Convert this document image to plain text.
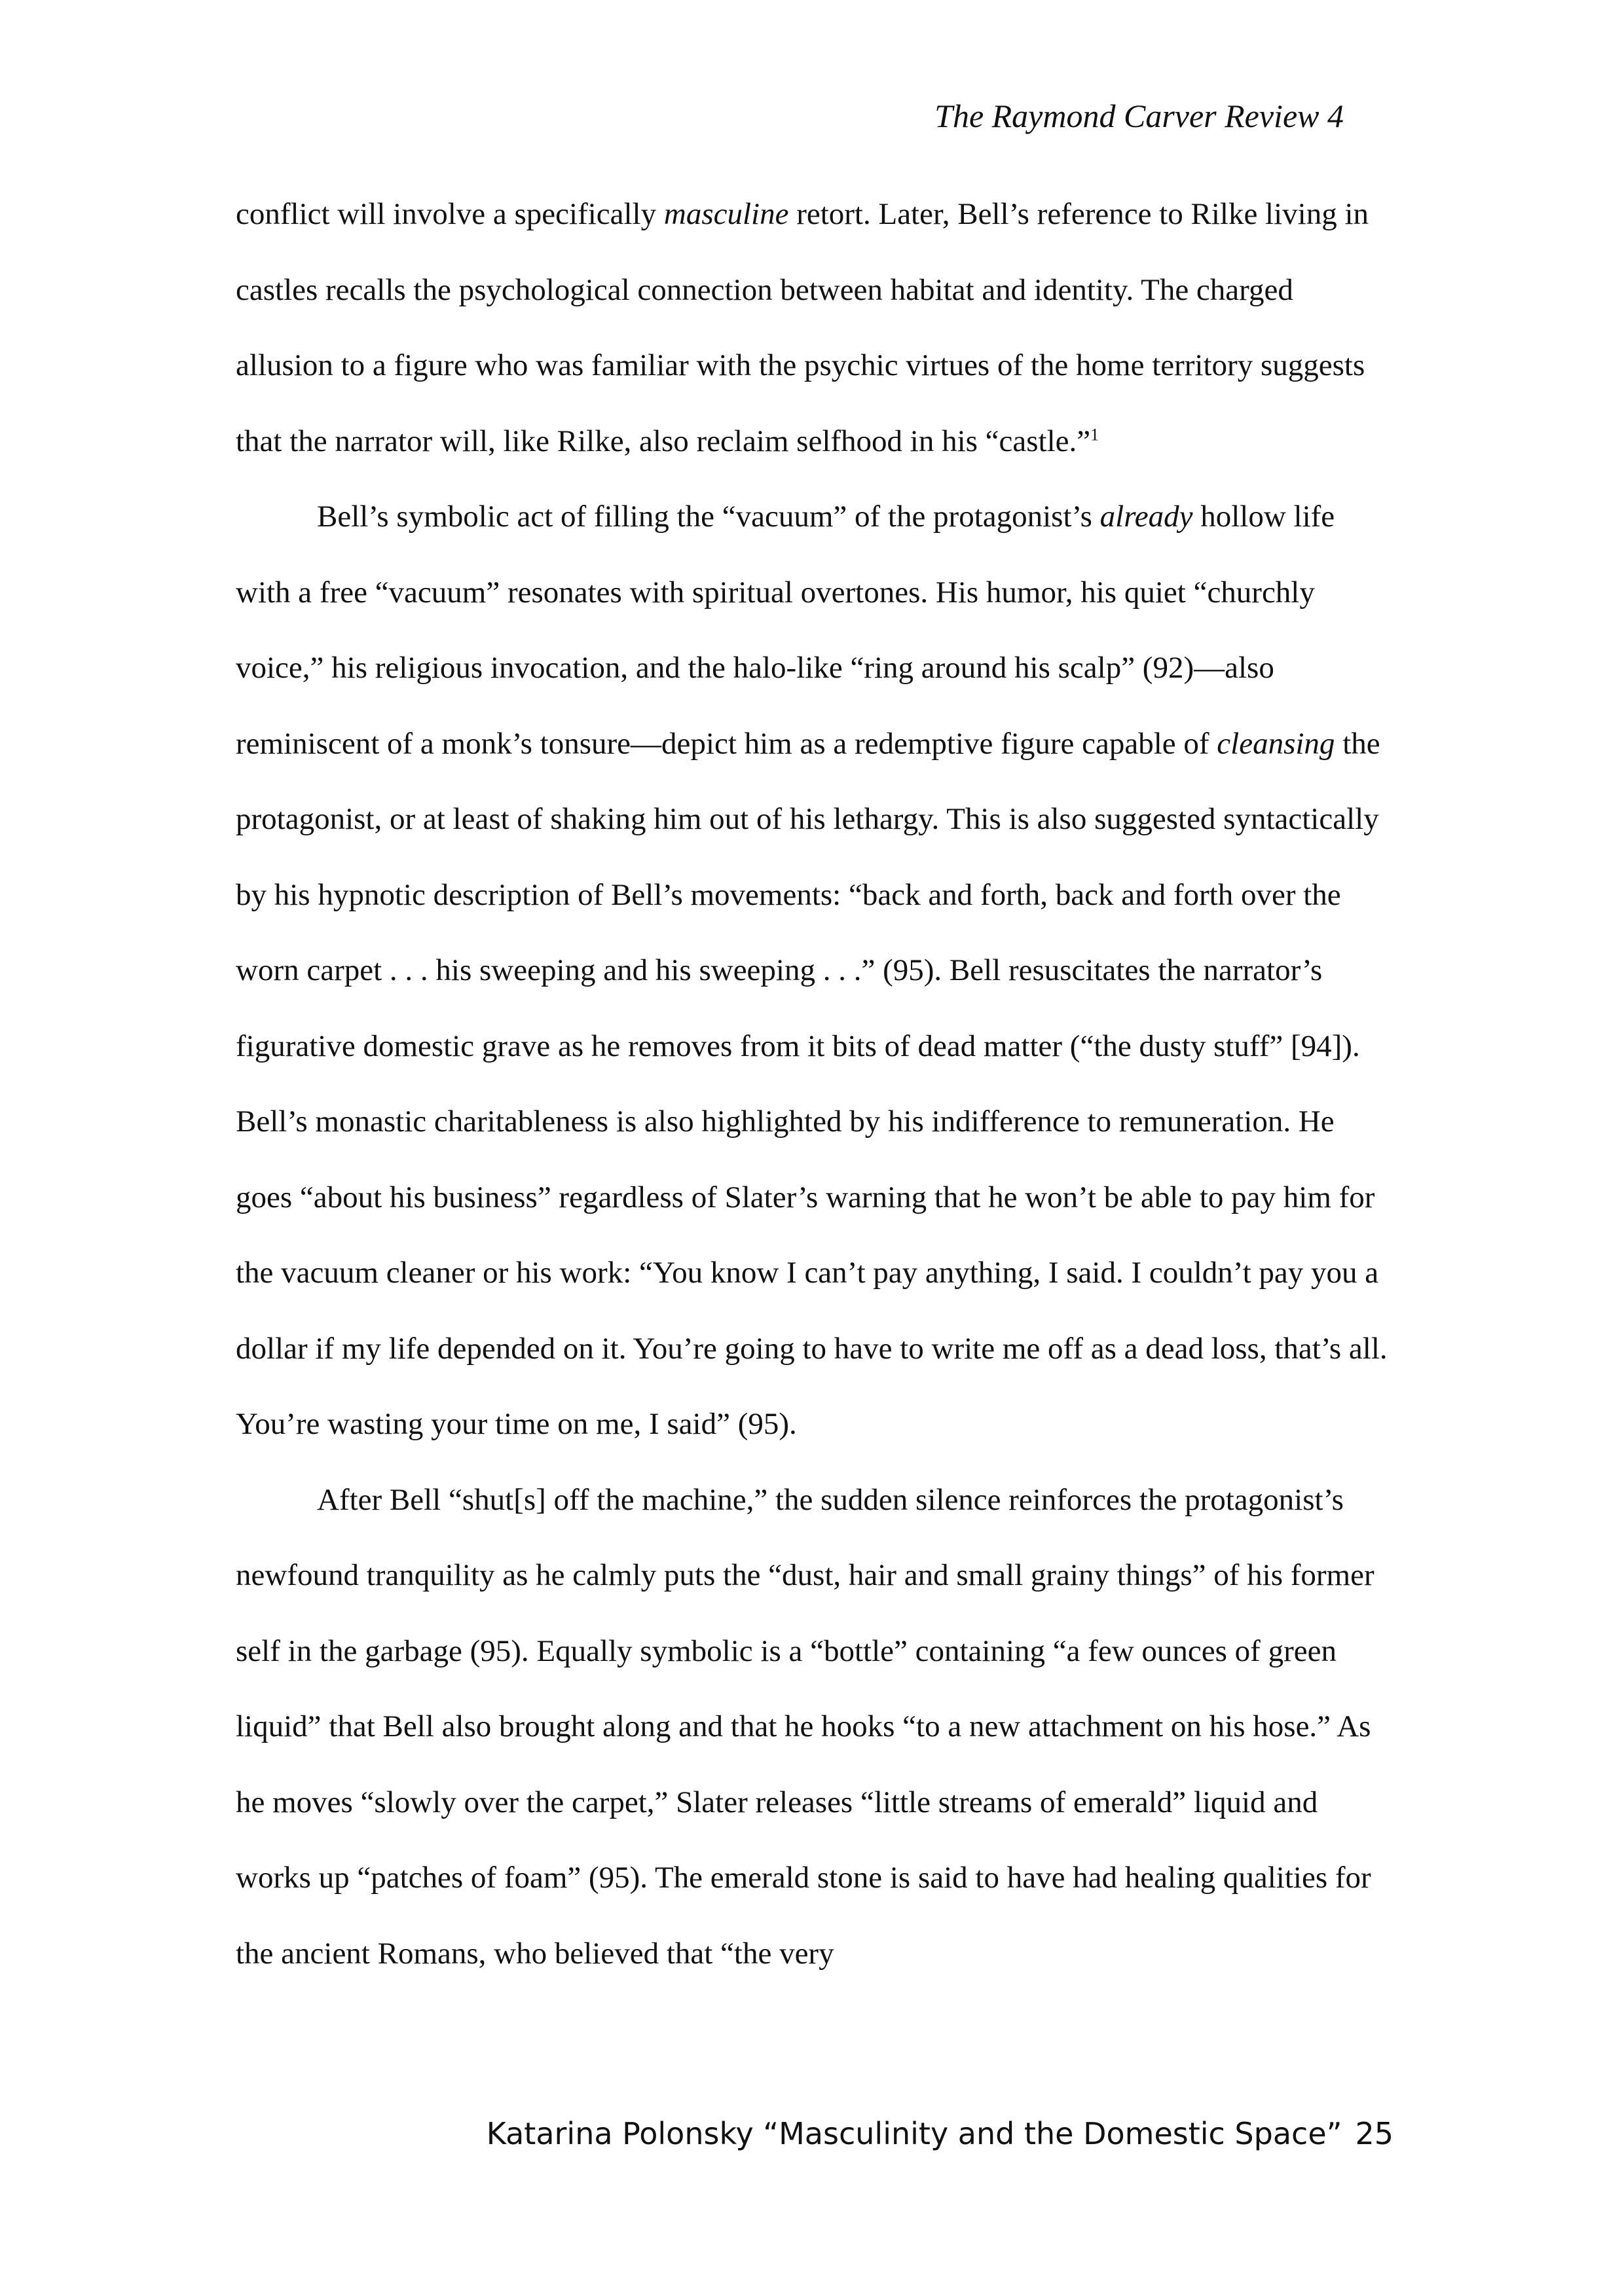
The Raymond Carver Review 4

conflict will involve a specifically masculine retort. Later, Bell’s reference to Rilke living in castles recalls the psychological connection between habitat and identity. The charged allusion to a figure who was familiar with the psychic virtues of the home territory suggests that the narrator will, like Rilke, also reclaim selfhood in his “castle.”$^1$

Bell’s symbolic act of filling the “vacuum” of the protagonist’s already hollow life with a free “vacuum” resonates with spiritual overtones. His humor, his quiet “churchly voice,” his religious invocation, and the halo-like “ring around his scalp” (92)—also reminiscent of a monk’s tonsure—depict him as a redemptive figure capable of cleansing the protagonist, or at least of shaking him out of his lethargy. This is also suggested syntactically by his hypnotic description of Bell’s movements: “back and forth, back and forth over the worn carpet . . . his sweeping and his sweeping . . .” (95). Bell resuscitates the narrator’s figurative domestic grave as he removes from it bits of dead matter (“the dusty stuff” [94]). Bell’s monastic charitableness is also highlighted by his indifference to remuneration. He goes “about his business” regardless of Slater’s warning that he won’t be able to pay him for the vacuum cleaner or his work: “You know I can’t pay anything, I said. I couldn’t pay you a dollar if my life depended on it. You’re going to have to write me off as a dead loss, that’s all. You’re wasting your time on me, I said” (95).

After Bell “shut[s] off the machine,” the sudden silence reinforces the protagonist’s newfound tranquility as he calmly puts the “dust, hair and small grainy things” of his former self in the garbage (95). Equally symbolic is a “bottle” containing “a few ounces of green liquid” that Bell also brought along and that he hooks “to a new attachment on his hose.” As he moves “slowly over the carpet,” Slater releases “little streams of emerald” liquid and works up “patches of foam” (95). The emerald stone is said to have had healing qualities for the ancient Romans, who believed that “the very

Katarina Polonsky “Masculinity and the Domestic Space” 25
